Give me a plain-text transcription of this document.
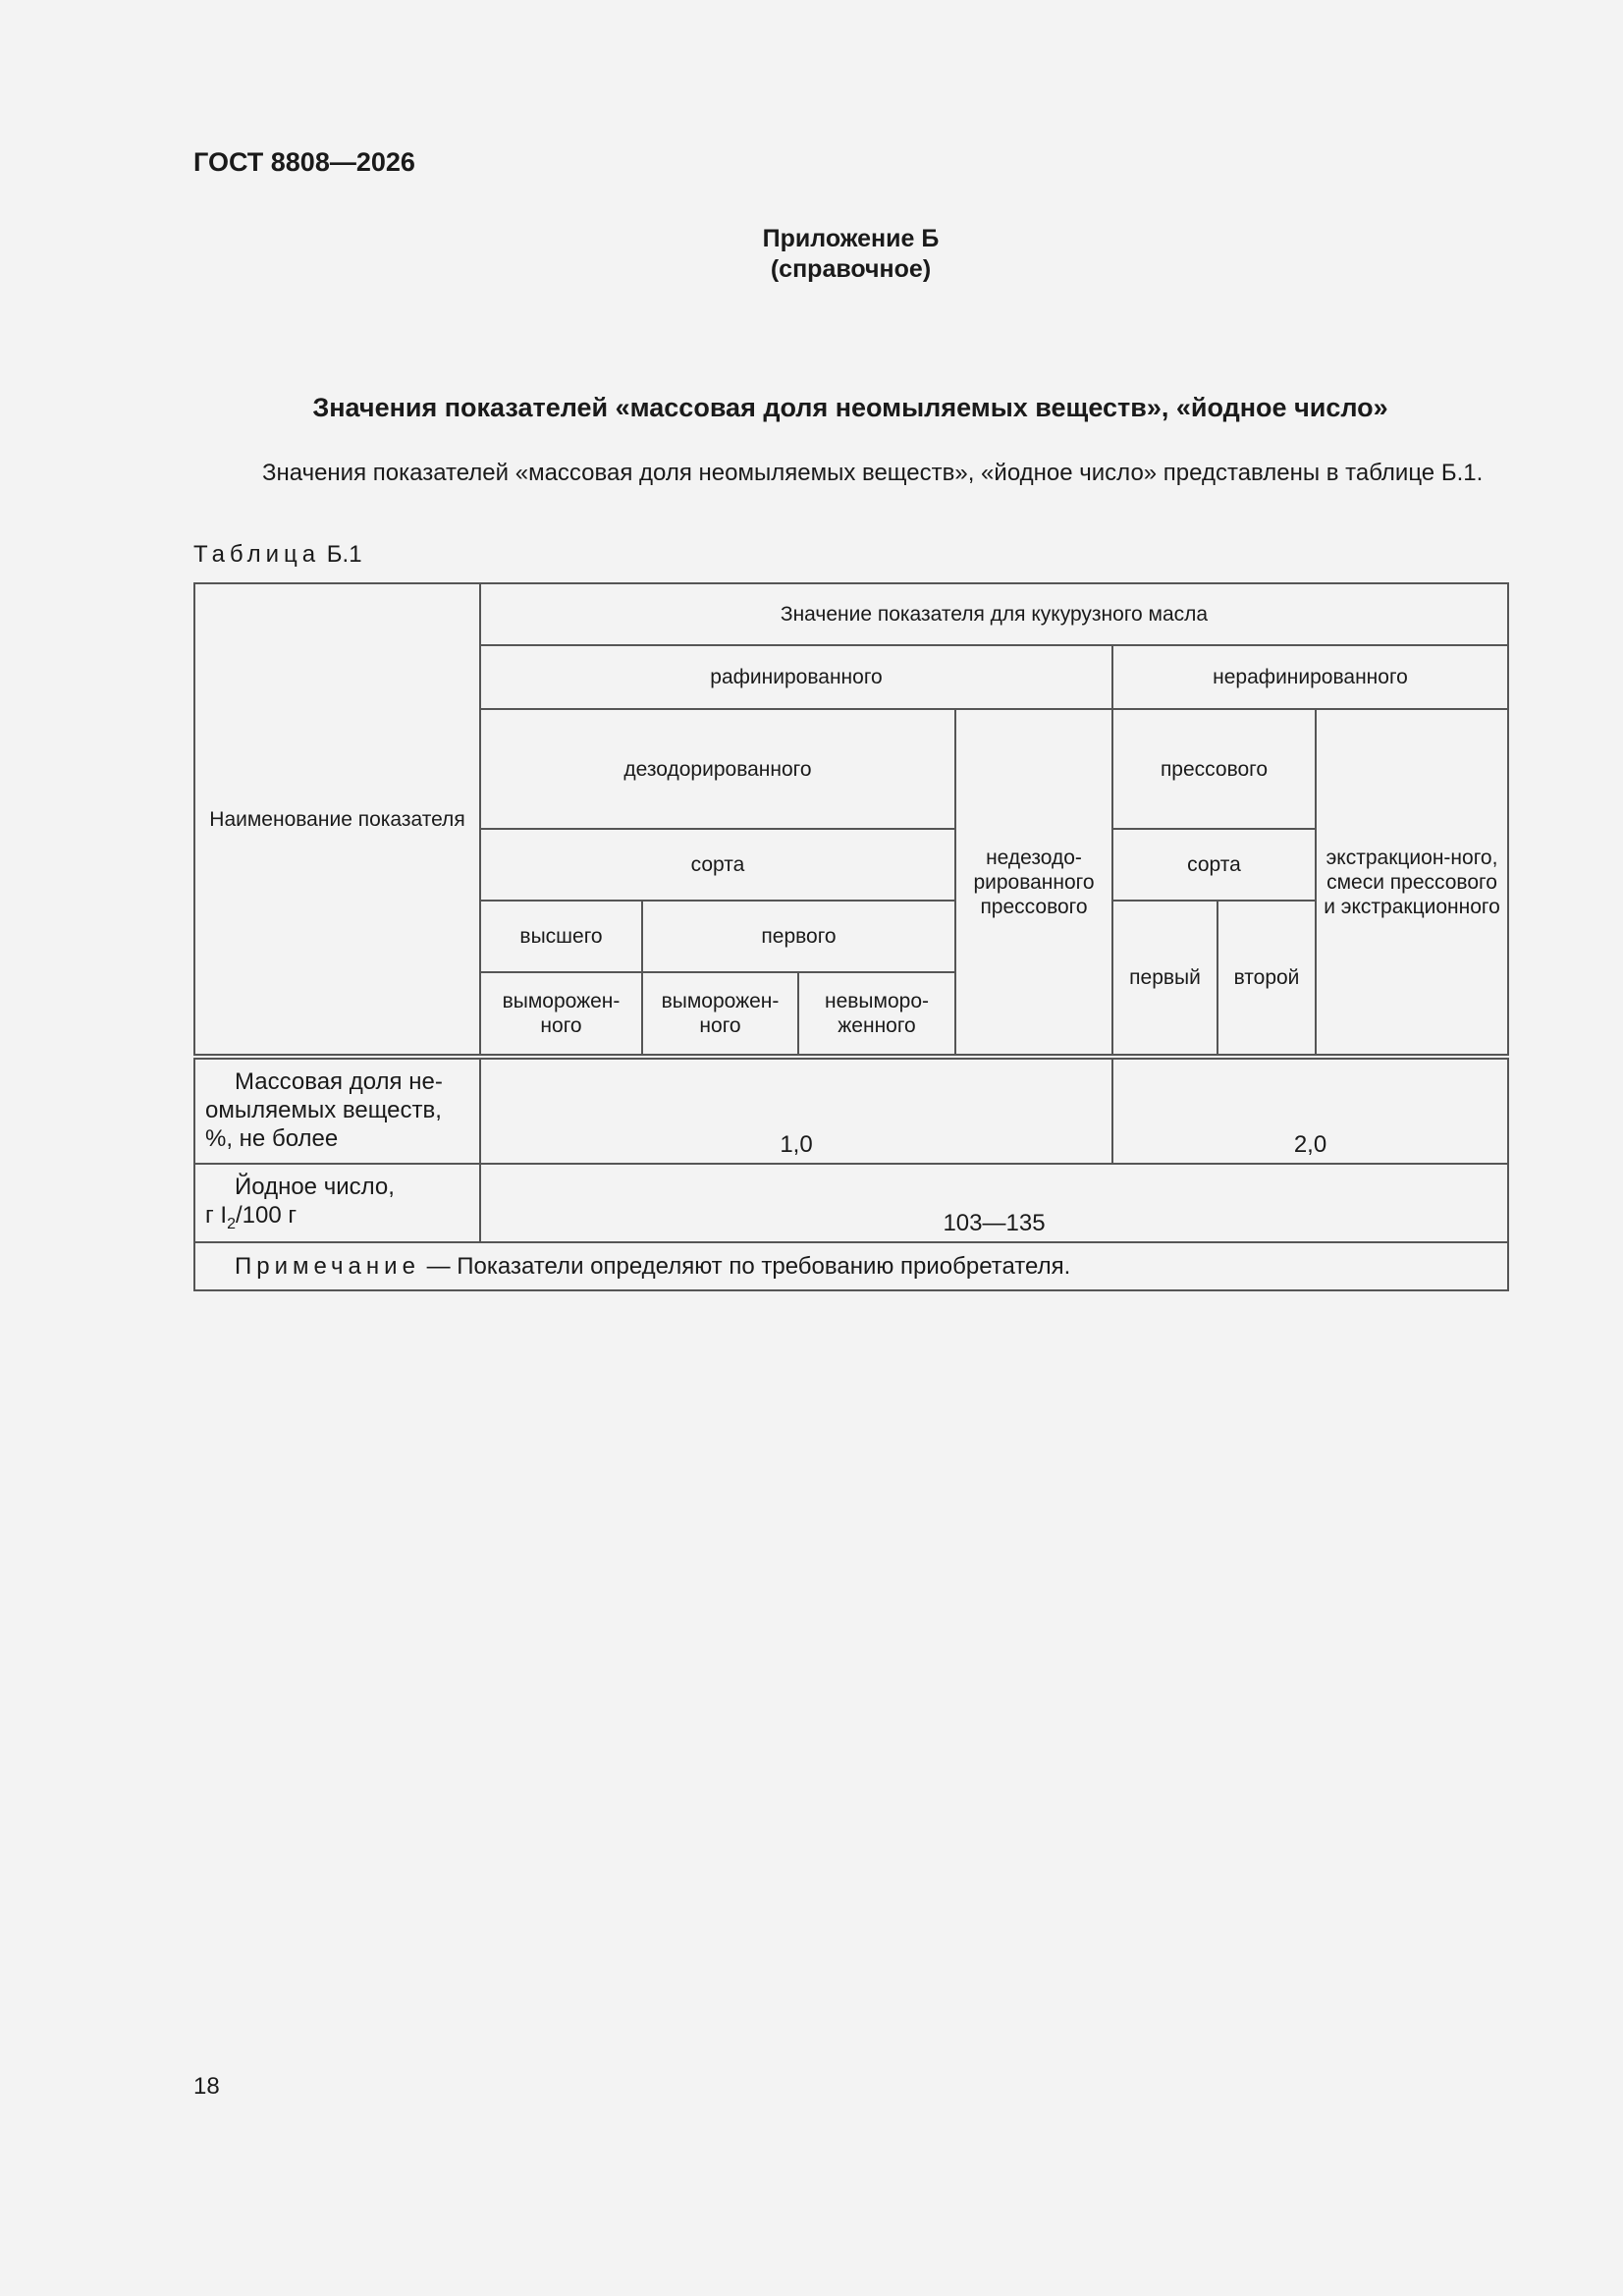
ГОСТ 8808—2026
Приложение Б
(справочное)
Значения показателей «массовая доля неомыляемых веществ», «йодное число»
Значения показателей «массовая доля неомыляемых веществ», «йодное число» представлены в таблице Б.1.
Таблица Б.1
Наименование показателя	Значение показателя для кукурузного масла						
	рафинированного				нерафинированного		
	дезодорированного			недезодо-рированного прессового	прессового		экстракцион-ного, смеси прессового и экстракционного
	сорта				сорта		
	высшего	первого			первый	второй	
	выморожен-ного	выморожен-ного	невыморо-женного				
Массовая доля не-омыляемых веществ, %, не более	1,0				2,0		
Йодное число,
г $I_2/100$ г	103—135						
Примечание — Показатели определяют по требованию приобретателя.							
18
